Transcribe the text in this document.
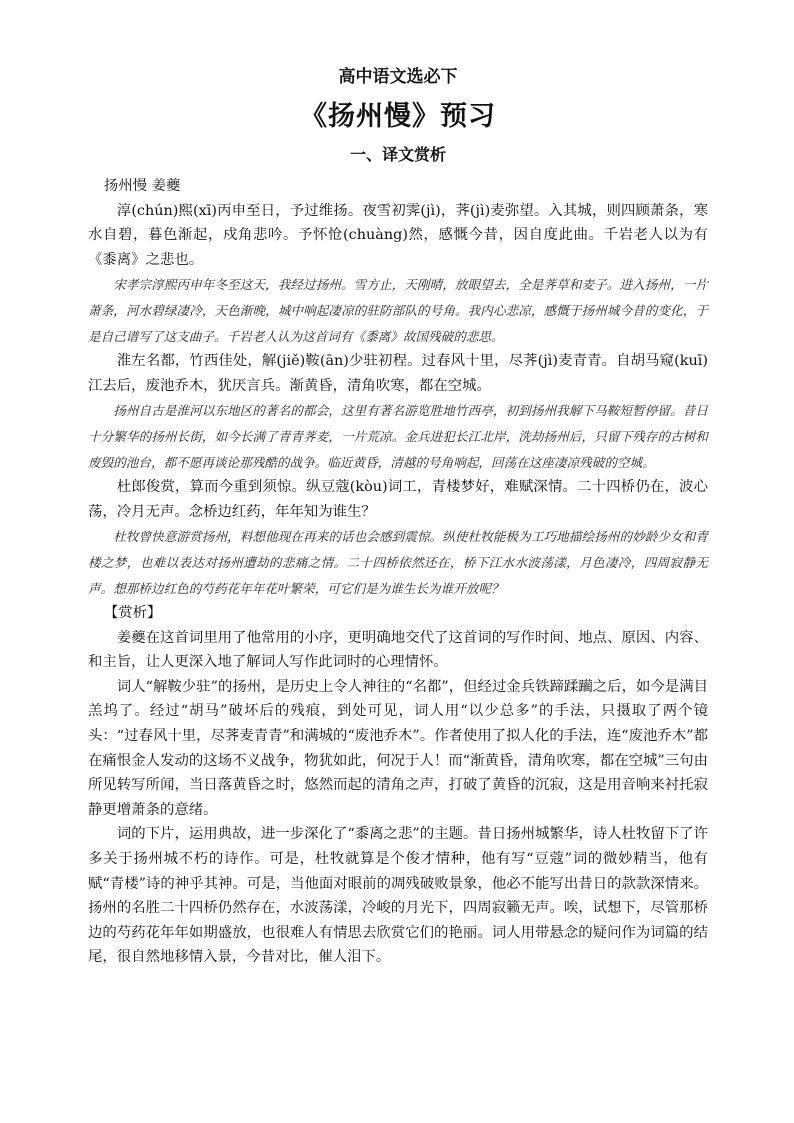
高中语文选必下

《扬州慢》预习

一、译文赏析

扬州慢 姜夔

淳(chún)熙(xī)丙申至日，予过维扬。夜雪初霁(jì)，荠(jì)麦弥望。入其城，则四顾萧条，寒水自碧，暮色渐起，戍角悲吟。予怀怆(chuàng)然，感慨今昔，因自度此曲。千岩老人以为有《黍离》之悲也。

宋孝宗淳熙丙申年冬至这天，我经过扬州。雪方止，天刚晴，放眼望去，全是荠草和麦子。进入扬州，一片萧条，河水碧绿凄冷，天色渐晚，城中响起凄凉的驻防部队的号角。我内心悲凉，感慨于扬州城今昔的变化，于是自己谱写了这支曲子。千岩老人认为这首词有《黍离》故国残破的悲思。

淮左名都，竹西佳处，解(jiě)鞍(ān)少驻初程。过春风十里，尽荠(jì)麦青青。自胡马窥(kuī)江去后，废池乔木，犹厌言兵。渐黄昏，清角吹寒，都在空城。

扬州自古是淮河以东地区的著名的都会，这里有著名游览胜地竹西亭，初到扬州我解下马鞍短暂停留。昔日十分繁华的扬州长街，如今长满了青青荠麦，一片荒凉。金兵进犯长江北岸，洗劫扬州后，只留下残存的古树和废毁的池台，都不愿再谈论那残酷的战争。临近黄昏，清越的号角响起，回荡在这座凄凉残破的空城。

杜郎俊赏，算而今重到须惊。纵豆蔻(kòu)词工，青楼梦好，难赋深情。二十四桥仍在，波心荡，冷月无声。念桥边红药，年年知为谁生？

杜牧曾快意游赏扬州，料想他现在再来的话也会感到震惊。纵使杜牧能极为工巧地描绘扬州的妙龄少女和青楼之梦，也难以表达对扬州遭劫的悲痛之情。二十四桥依然还在，桥下江水水波荡漾，月色凄冷，四周寂静无声。想那桥边红色的芍药花年年花叶繁荣，可它们是为谁生长为谁开放呢？

【赏析】

姜夔在这首词里用了他常用的小序，更明确地交代了这首词的写作时间、地点、原因、内容、和主旨，让人更深入地了解词人写作此词时的心理情怀。

词人“解鞍少驻”的扬州，是历史上令人神往的“名都”，但经过金兵铁蹄蹂躏之后，如今是满目羔坞了。经过“胡马”破坏后的残痕，到处可见，词人用“以少总多”的手法，只摄取了两个镜头：“过春风十里，尽荠麦青青”和满城的“废池乔木”。作者使用了拟人化的手法，连“废池乔木”都在痛恨金人发动的这场不义战争，物犹如此，何况于人！而“渐黄昏，清角吹寒，都在空城”三句由所见转写所闻，当日落黄昏之时，悠然而起的清角之声，打破了黄昏的沉寂，这是用音响来衬托寂静更增萧条的意绪。

词的下片，运用典故，进一步深化了“黍离之悲”的主题。昔日扬州城繁华，诗人杜牧留下了许多关于扬州城不朽的诗作。可是，杜牧就算是个俊才情种，他有写“豆蔻”词的微妙精当，他有赋“青楼”诗的神乎其神。可是，当他面对眼前的凋残破败景象，他必不能写出昔日的款款深情来。扬州的名胜二十四桥仍然存在，水波荡漾，冷峻的月光下，四周寂籁无声。唉，试想下，尽管那桥边的芍药花年年如期盛放，也很难人有情思去欣赏它们的艳丽。词人用带悬念的疑问作为词篇的结尾，很自然地移情入景，今昔对比，催人泪下。
